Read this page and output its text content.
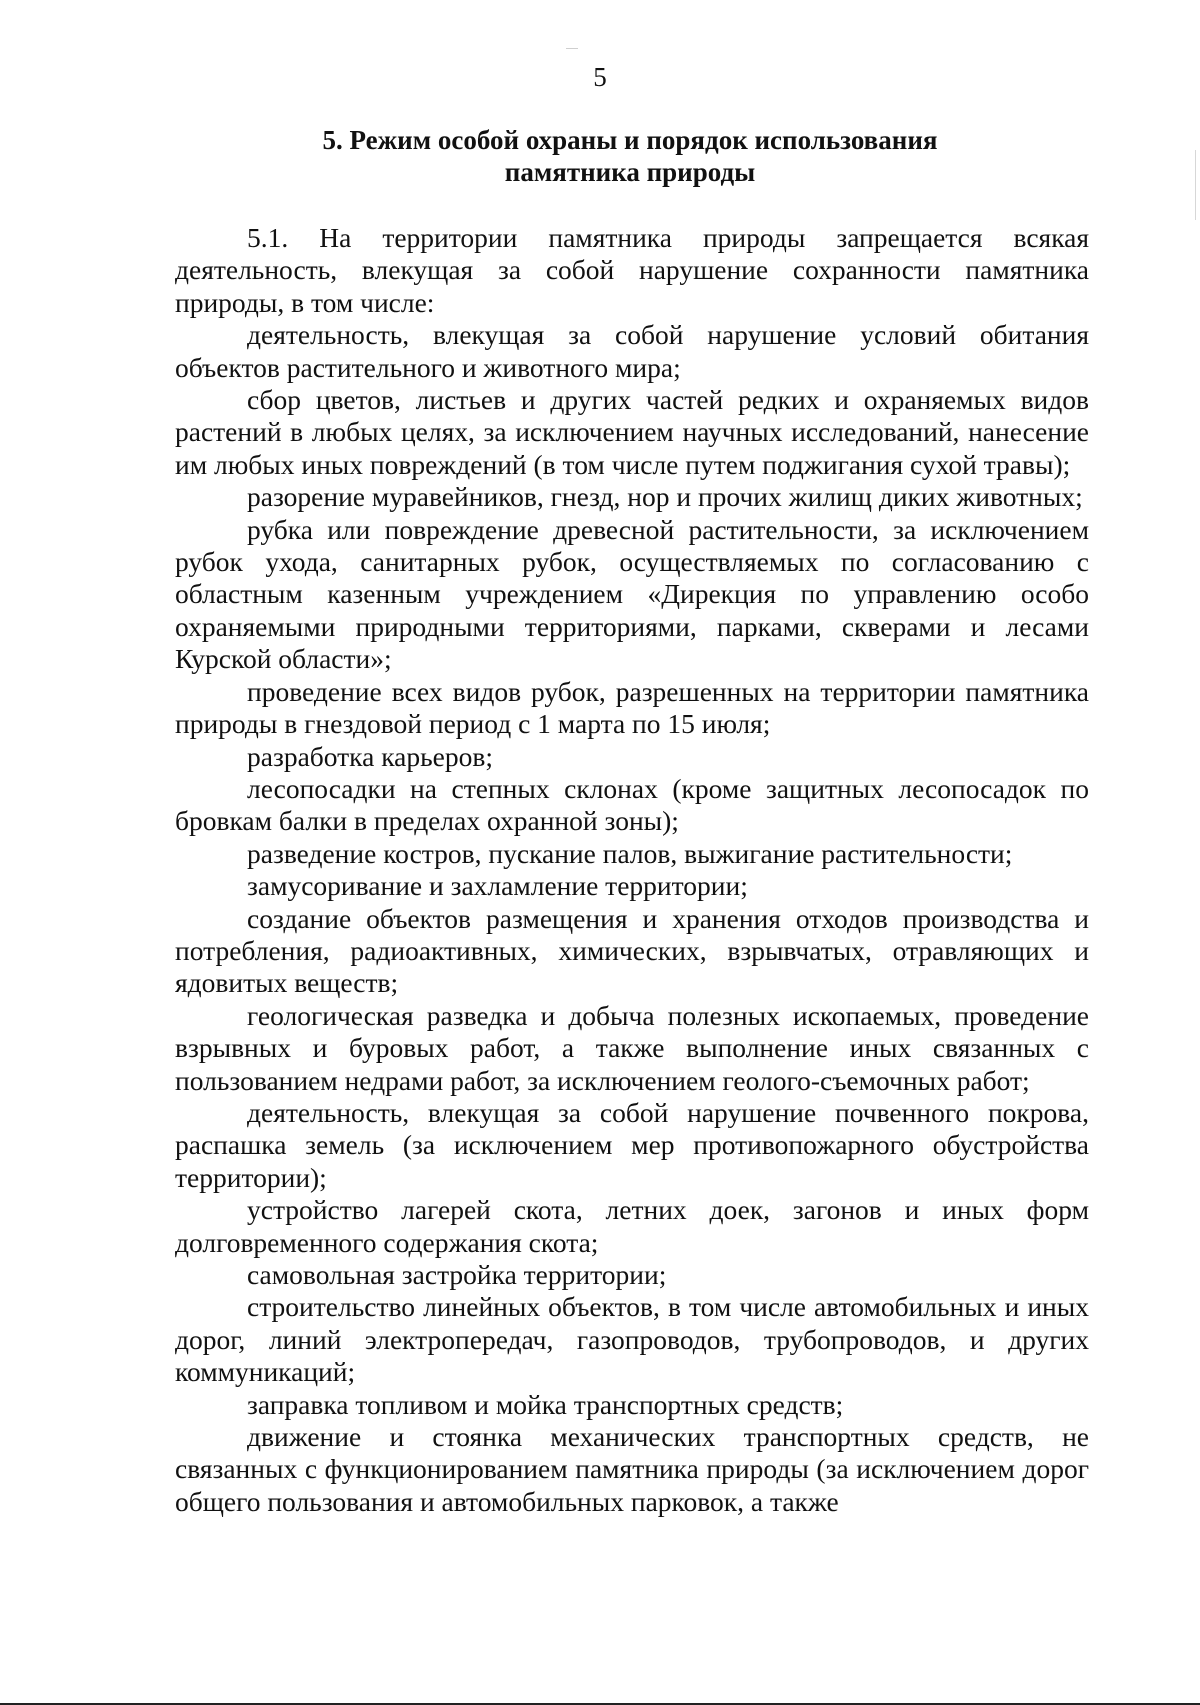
5
5. Режим особой охраны и порядок использования
памятника природы

5.1. На территории памятника природы запрещается всякая деятельность, влекущая за собой нарушение сохранности памятника природы, в том числе:

деятельность, влекущая за собой нарушение условий обитания объектов растительного и животного мира;

сбор цветов, листьев и других частей редких и охраняемых видов растений в любых целях, за исключением научных исследований, нанесение им любых иных повреждений (в том числе путем поджигания сухой травы);

разорение муравейников, гнезд, нор и прочих жилищ диких животных;

рубка или повреждение древесной растительности, за исключением рубок ухода, санитарных рубок, осуществляемых по согласованию с областным казенным учреждением «Дирекция по управлению особо охраняемыми природными территориями, парками, скверами и лесами Курской области»;

проведение всех видов рубок, разрешенных на территории памятника природы в гнездовой период с 1 марта по 15 июля;

разработка карьеров;

лесопосадки на степных склонах (кроме защитных лесопосадок по бровкам балки в пределах охранной зоны);

разведение костров, пускание палов, выжигание растительности;

замусоривание и захламление территории;

создание объектов размещения и хранения отходов производства и потребления, радиоактивных, химических, взрывчатых, отравляющих и ядовитых веществ;

геологическая разведка и добыча полезных ископаемых, проведение взрывных и буровых работ, а также выполнение иных связанных с пользованием недрами работ, за исключением геолого-съемочных работ;

деятельность, влекущая за собой нарушение почвенного покрова, распашка земель (за исключением мер противопожарного обустройства территории);

устройство лагерей скота, летних доек, загонов и иных форм долговременного содержания скота;

самовольная застройка территории;

строительство линейных объектов, в том числе автомобильных и иных дорог, линий электропередач, газопроводов, трубопроводов, и других коммуникаций;

заправка топливом и мойка транспортных средств;

движение и стоянка механических транспортных средств, не связанных с функционированием памятника природы (за исключением дорог общего пользования и автомобильных парковок, а также
